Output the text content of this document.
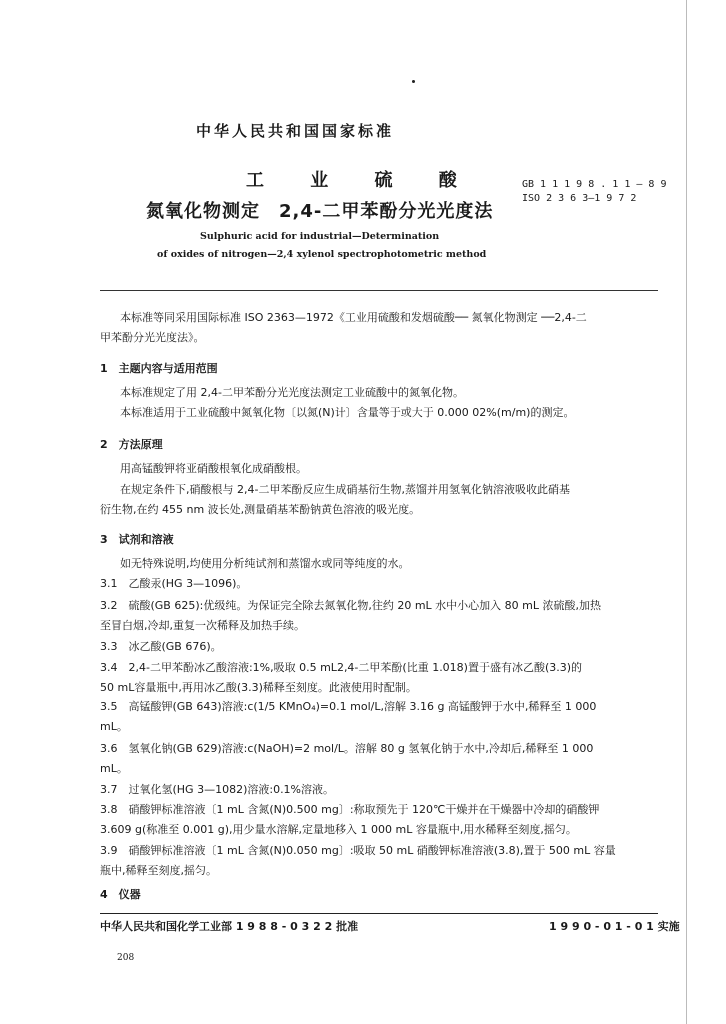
中华人民共和国国家标准
工 业 硫 酸
氮氧化物测定　2,4-二甲苯酚分光光度法
GB 1 1 1 9 8 . 1 1 — 8 9
ISO 2 3 6 3—1 9 7 2
Sulphuric acid for industrial—Determination
of oxides of nitrogen—2,4 xylenol spectrophotometric method
本标准等同采用国际标准 ISO 2363—1972《工业用硫酸和发烟硫酸── 氮氧化物测定 ──2,4-二
甲苯酚分光光度法》。
1　主题内容与适用范围
本标准规定了用 2,4-二甲苯酚分光光度法测定工业硫酸中的氮氧化物。
本标准适用于工业硫酸中氮氧化物〔以氮(N)计〕含量等于或大于 0.000 02%(m/m)的测定。
2　方法原理
用高锰酸钾将亚硝酸根氧化成硝酸根。
在规定条件下,硝酸根与 2,4-二甲苯酚反应生成硝基衍生物,蒸馏并用氢氧化钠溶液吸收此硝基
衍生物,在约 455 nm 波长处,测量硝基苯酚钠黄色溶液的吸光度。
3　试剂和溶液
如无特殊说明,均使用分析纯试剂和蒸馏水或同等纯度的水。
3.1　乙酸汞(HG 3—1096)。
3.2　硫酸(GB 625):优级纯。为保证完全除去氮氧化物,往约 20 mL 水中小心加入 80 mL 浓硫酸,加热
至冒白烟,冷却,重复一次稀释及加热手续。
3.3　冰乙酸(GB 676)。
3.4　2,4-二甲苯酚冰乙酸溶液:1%,吸取 0.5 mL2,4-二甲苯酚(比重 1.018)置于盛有冰乙酸(3.3)的
50 mL容量瓶中,再用冰乙酸(3.3)稀释至刻度。此液使用时配制。
3.5　高锰酸钾(GB 643)溶液:c(1/5 KMnO₄)=0.1 mol/L,溶解 3.16 g 高锰酸钾于水中,稀释至 1 000
mL。
3.6　氢氧化钠(GB 629)溶液:c(NaOH)=2 mol/L。溶解 80 g 氢氧化钠于水中,冷却后,稀释至 1 000
mL。
3.7　过氧化氢(HG 3—1082)溶液:0.1%溶液。
3.8　硝酸钾标准溶液〔1 mL 含氮(N)0.500 mg〕:称取预先于 120℃干燥并在干燥器中冷却的硝酸钾
3.609 g(称准至 0.001 g),用少量水溶解,定量地移入 1 000 mL 容量瓶中,用水稀释至刻度,摇匀。
3.9　硝酸钾标准溶液〔1 mL 含氮(N)0.050 mg〕:吸取 50 mL 硝酸钾标准溶液(3.8),置于 500 mL 容量
瓶中,稀释至刻度,摇匀。
4　仪器
中华人民共和国化学工业部 1 9 8 8 - 0 3 2 2 批准	1 9 9 0 - 0 1 - 0 1 实施
208
